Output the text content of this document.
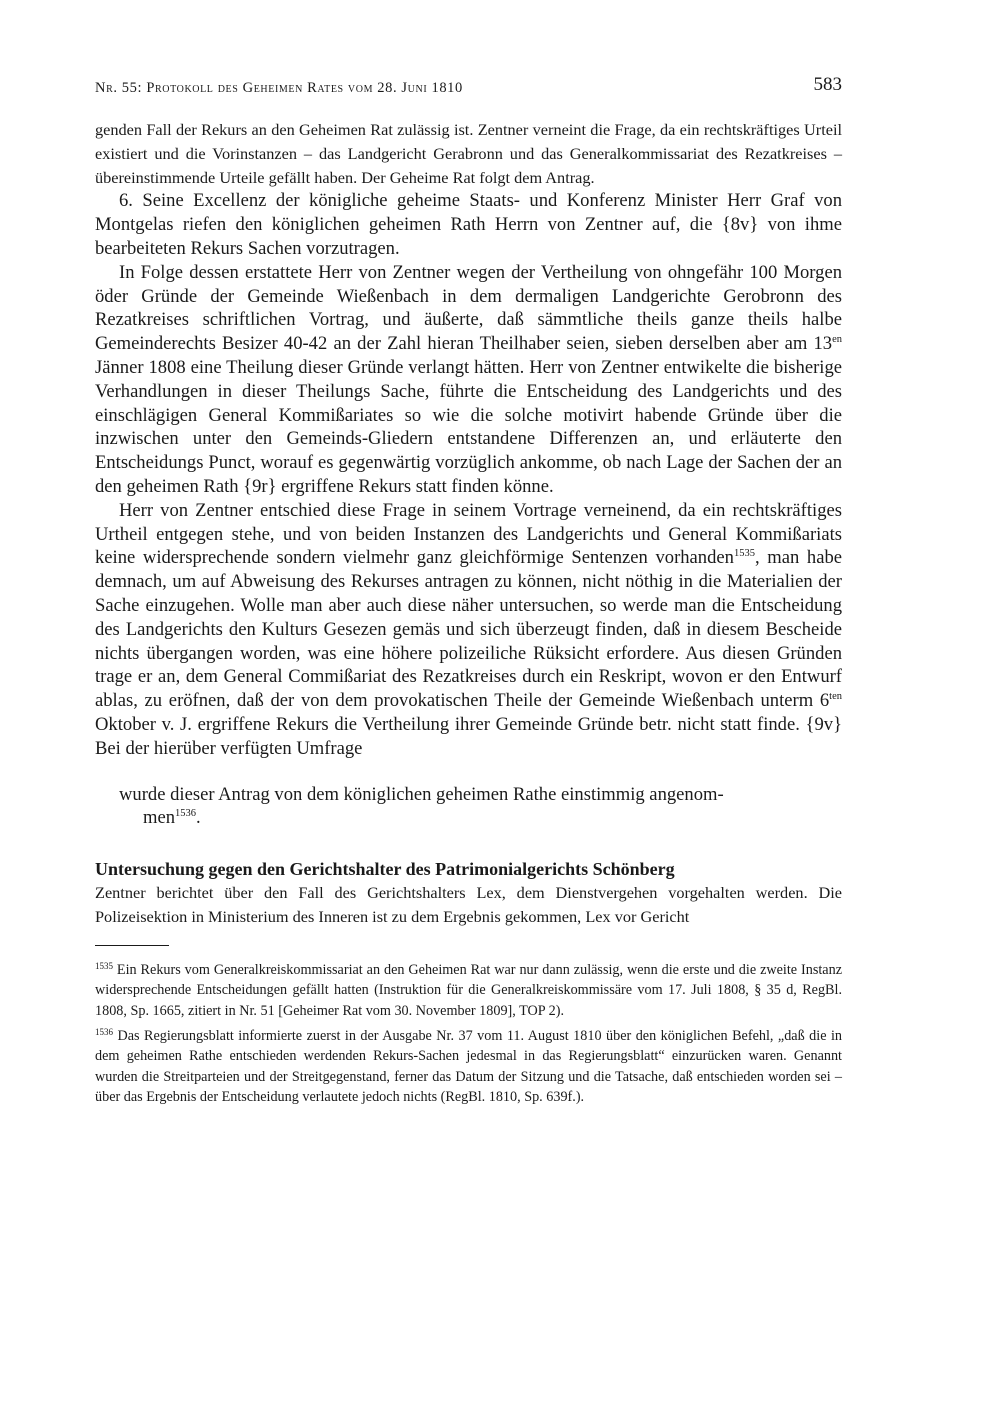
Nr. 55: Protokoll des Geheimen Rates vom 28. Juni 1810	583

genden Fall der Rekurs an den Geheimen Rat zulässig ist. Zentner verneint die Frage, da ein rechtskräftiges Urteil existiert und die Vorinstanzen – das Landgericht Gerabronn und das Generalkommissariat des Rezatkreises – übereinstimmende Urteile gefällt haben. Der Geheime Rat folgt dem Antrag.

6. Seine Excellenz der königliche geheime Staats- und Konferenz Minister Herr Graf von Montgelas riefen den königlichen geheimen Rath Herrn von Zentner auf, die {8v} von ihme bearbeiteten Rekurs Sachen vorzutragen.

In Folge dessen erstattete Herr von Zentner wegen der Vertheilung von ohngefähr 100 Morgen öder Gründe der Gemeinde Wießenbach in dem dermaligen Landgerichte Gerobronn des Rezatkreises schriftlichen Vortrag, und äußerte, daß sämmtliche theils ganze theils halbe Gemeinderechts Besizer 40-42 an der Zahl hieran Theilhaber seien, sieben derselben aber am $13^{en}$ Jänner 1808 eine Theilung dieser Gründe verlangt hätten. Herr von Zentner entwikelte die bisherige Verhandlungen in dieser Theilungs Sache, führte die Entscheidung des Landgerichts und des einschlägigen General Kommißariates so wie die solche motivirt habende Gründe über die inzwischen unter den Gemeinds-Gliedern entstandene Differenzen an, und erläuterte den Entscheidungs Punct, worauf es gegenwärtig vorzüglich ankomme, ob nach Lage der Sachen der an den geheimen Rath {9r} ergriffene Rekurs statt finden könne.

Herr von Zentner entschied diese Frage in seinem Vortrage verneinend, da ein rechtskräftiges Urtheil entgegen stehe, und von beiden Instanzen des Landgerichts und General Kommißariats keine widersprechende sondern vielmehr ganz gleichförmige Sentenzen vorhanden$^{1535}$, man habe demnach, um auf Abweisung des Rekurses antragen zu können, nicht nöthig in die Materialien der Sache einzugehen. Wolle man aber auch diese näher untersuchen, so werde man die Entscheidung des Landgerichts den Kulturs Gesezen gemäs und sich überzeugt finden, daß in diesem Bescheide nichts übergangen worden, was eine höhere polizeiliche Rüksicht erfordere. Aus diesen Gründen trage er an, dem General Commißariat des Rezatkreises durch ein Reskript, wovon er den Entwurf ablas, zu eröfnen, daß der von dem provokatischen Theile der Gemeinde Wießenbach unterm $6^{ten}$ Oktober v. J. ergriffene Rekurs die Vertheilung ihrer Gemeinde Gründe betr. nicht statt finde. {9v} Bei der hierüber verfügten Umfrage

wurde dieser Antrag von dem königlichen geheimen Rathe einstimmig angenom-
men$^{1536}$.
Untersuchung gegen den Gerichtshalter des Patrimonialgerichts Schönberg

Zentner berichtet über den Fall des Gerichtshalters Lex, dem Dienstvergehen vorgehalten werden. Die Polizeisektion in Ministerium des Inneren ist zu dem Ergebnis gekommen, Lex vor Gericht

$^{1535}$ Ein Rekurs vom Generalkreiskommissariat an den Geheimen Rat war nur dann zulässig, wenn die erste und die zweite Instanz widersprechende Entscheidungen gefällt hatten (Instruktion für die Generalkreiskommissäre vom 17. Juli 1808, § 35 d, RegBl. 1808, Sp. 1665, zitiert in Nr. 51 [Geheimer Rat vom 30. November 1809], TOP 2).

$^{1536}$ Das Regierungsblatt informierte zuerst in der Ausgabe Nr. 37 vom 11. August 1810 über den königlichen Befehl, „daß die in dem geheimen Rathe entschieden werdenden Rekurs-Sachen jedesmal in das Regierungsblatt“ einzurücken waren. Genannt wurden die Streitparteien und der Streitgegenstand, ferner das Datum der Sitzung und die Tatsache, daß entschieden worden sei – über das Ergebnis der Entscheidung verlautete jedoch nichts (RegBl. 1810, Sp. 639f.).
